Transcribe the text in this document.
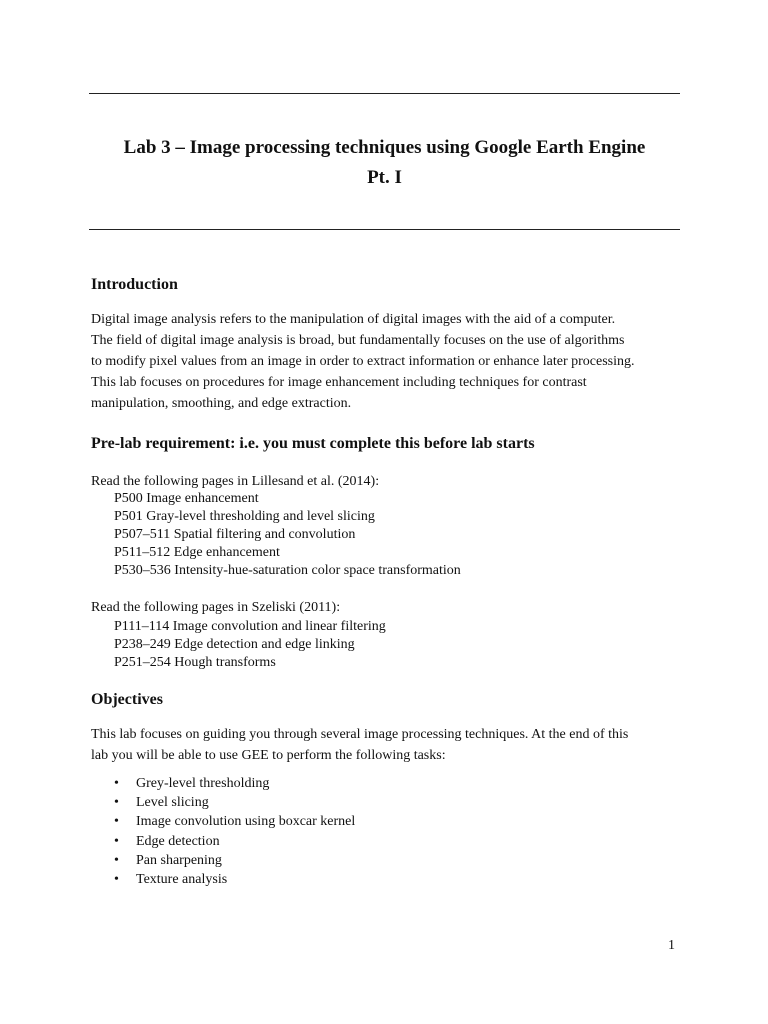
Lab 3 – Image processing techniques using Google Earth Engine
Pt. I
Introduction
Digital image analysis refers to the manipulation of digital images with the aid of a computer.
The field of digital image analysis is broad, but fundamentally focuses on the use of algorithms
to modify pixel values from an image in order to extract information or enhance later processing.
This lab focuses on procedures for image enhancement including techniques for contrast
manipulation, smoothing, and edge extraction.
Pre-lab requirement: i.e. you must complete this before lab starts
Read the following pages in Lillesand et al. (2014):
P500 Image enhancement
P501 Gray-level thresholding and level slicing
P507–511 Spatial filtering and convolution
P511–512 Edge enhancement
P530–536 Intensity-hue-saturation color space transformation
Read the following pages in Szeliski (2011):
P111–114 Image convolution and linear filtering
P238–249 Edge detection and edge linking
P251–254 Hough transforms
Objectives
This lab focuses on guiding you through several image processing techniques. At the end of this
lab you will be able to use GEE to perform the following tasks:
• Grey-level thresholding
• Level slicing
• Image convolution using boxcar kernel
• Edge detection
• Pan sharpening
• Texture analysis
1
